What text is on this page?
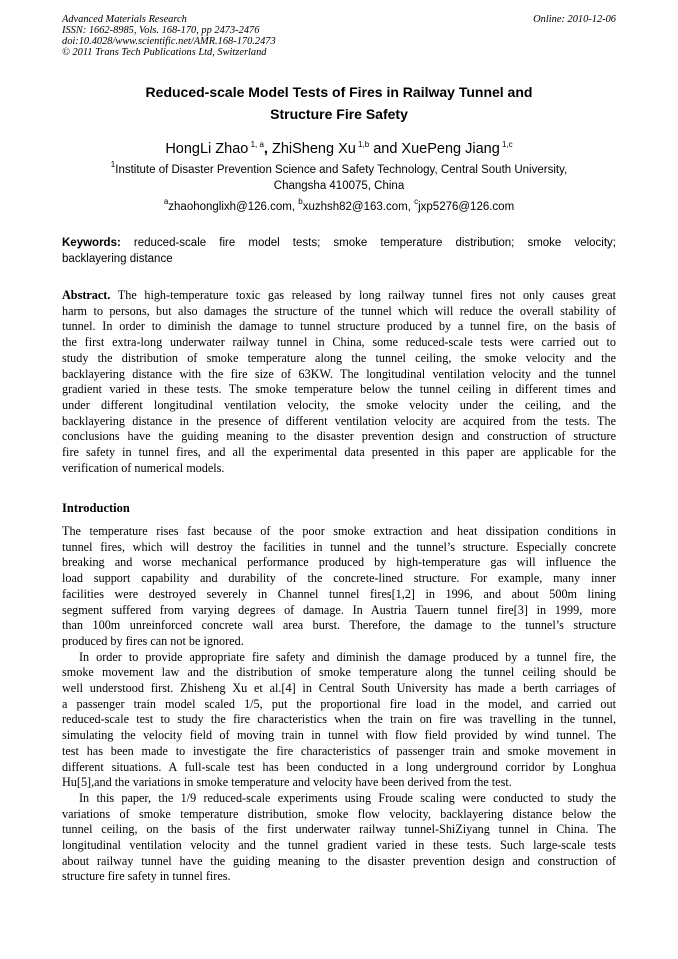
Advanced Materials Research
ISSN: 1662-8985, Vols. 168-170, pp 2473-2476
doi:10.4028/www.scientific.net/AMR.168-170.2473
© 2011 Trans Tech Publications Ltd, Switzerland
Online: 2010-12-06
Reduced-scale Model Tests of Fires in Railway Tunnel and
Structure Fire Safety
HongLi Zhao $^{1, a}$, ZhiSheng Xu $^{1,b}$ and XuePeng Jiang $^{1,c}$
$^1$Institute of Disaster Prevention Science and Safety Technology, Central South University,
Changsha 410075, China
$^a$zhaohonglixh@126.com, $^b$xuzhsh82@163.com, $^c$jxp5276@126.com
Keywords: reduced-scale fire model tests; smoke temperature distribution; smoke velocity;
backlayering distance
Abstract. The high-temperature toxic gas released by long railway tunnel fires not only causes great
harm to persons, but also damages the structure of the tunnel which will reduce the overall stability of
tunnel. In order to diminish the damage to tunnel structure produced by a tunnel fire, on the basis of
the first extra-long underwater railway tunnel in China, some reduced-scale tests were carried out to
study the distribution of smoke temperature along the tunnel ceiling, the smoke velocity and the
backlayering distance with the fire size of 63KW. The longitudinal ventilation velocity and the tunnel
gradient varied in these tests. The smoke temperature below the tunnel ceiling in different times and
under different longitudinal ventilation velocity, the smoke velocity under the ceiling, and the
backlayering distance in the presence of different ventilation velocity are acquired from the tests. The
conclusions have the guiding meaning to the disaster prevention design and construction of structure
fire safety in tunnel fires, and all the experimental data presented in this paper are applicable for the
verification of numerical models.
Introduction
The temperature rises fast because of the poor smoke extraction and heat dissipation conditions in
tunnel fires, which will destroy the facilities in tunnel and the tunnel’s structure. Especially concrete
breaking and worse mechanical performance produced by high-temperature gas will influence the
load support capability and durability of the concrete-lined structure. For example, many inner
facilities were destroyed severely in Channel tunnel fires[1,2] in 1996, and about 500m lining
segment suffered from varying degrees of damage. In Austria Tauern tunnel fire[3] in 1999, more
than 100m unreinforced concrete wall area burst. Therefore, the damage to the tunnel’s structure
produced by fires can not be ignored.
In order to provide appropriate fire safety and diminish the damage produced by a tunnel fire, the
smoke movement law and the distribution of smoke temperature along the tunnel ceiling should be
well understood first. Zhisheng Xu et al.[4] in Central South University has made a berth carriages of
a passenger train model scaled 1/5, put the proportional fire load in the model, and carried out
reduced-scale test to study the fire characteristics when the train on fire was travelling in the tunnel,
simulating the velocity field of moving train in tunnel with flow field provided by wind tunnel. The
test has been made to investigate the fire characteristics of passenger train and smoke movement in
different situations. A full-scale test has been conducted in a long underground corridor by Longhua
Hu[5],and the variations in smoke temperature and velocity have been derived from the test.
In this paper, the 1/9 reduced-scale experiments using Froude scaling were conducted to study the
variations of smoke temperature distribution, smoke flow velocity, backlayering distance below the
tunnel ceiling, on the basis of the first underwater railway tunnel-ShiZiyang tunnel in China. The
longitudinal ventilation velocity and the tunnel gradient varied in these tests. Such large-scale tests
about railway tunnel have the guiding meaning to the disaster prevention design and construction of
structure fire safety in tunnel fires.
